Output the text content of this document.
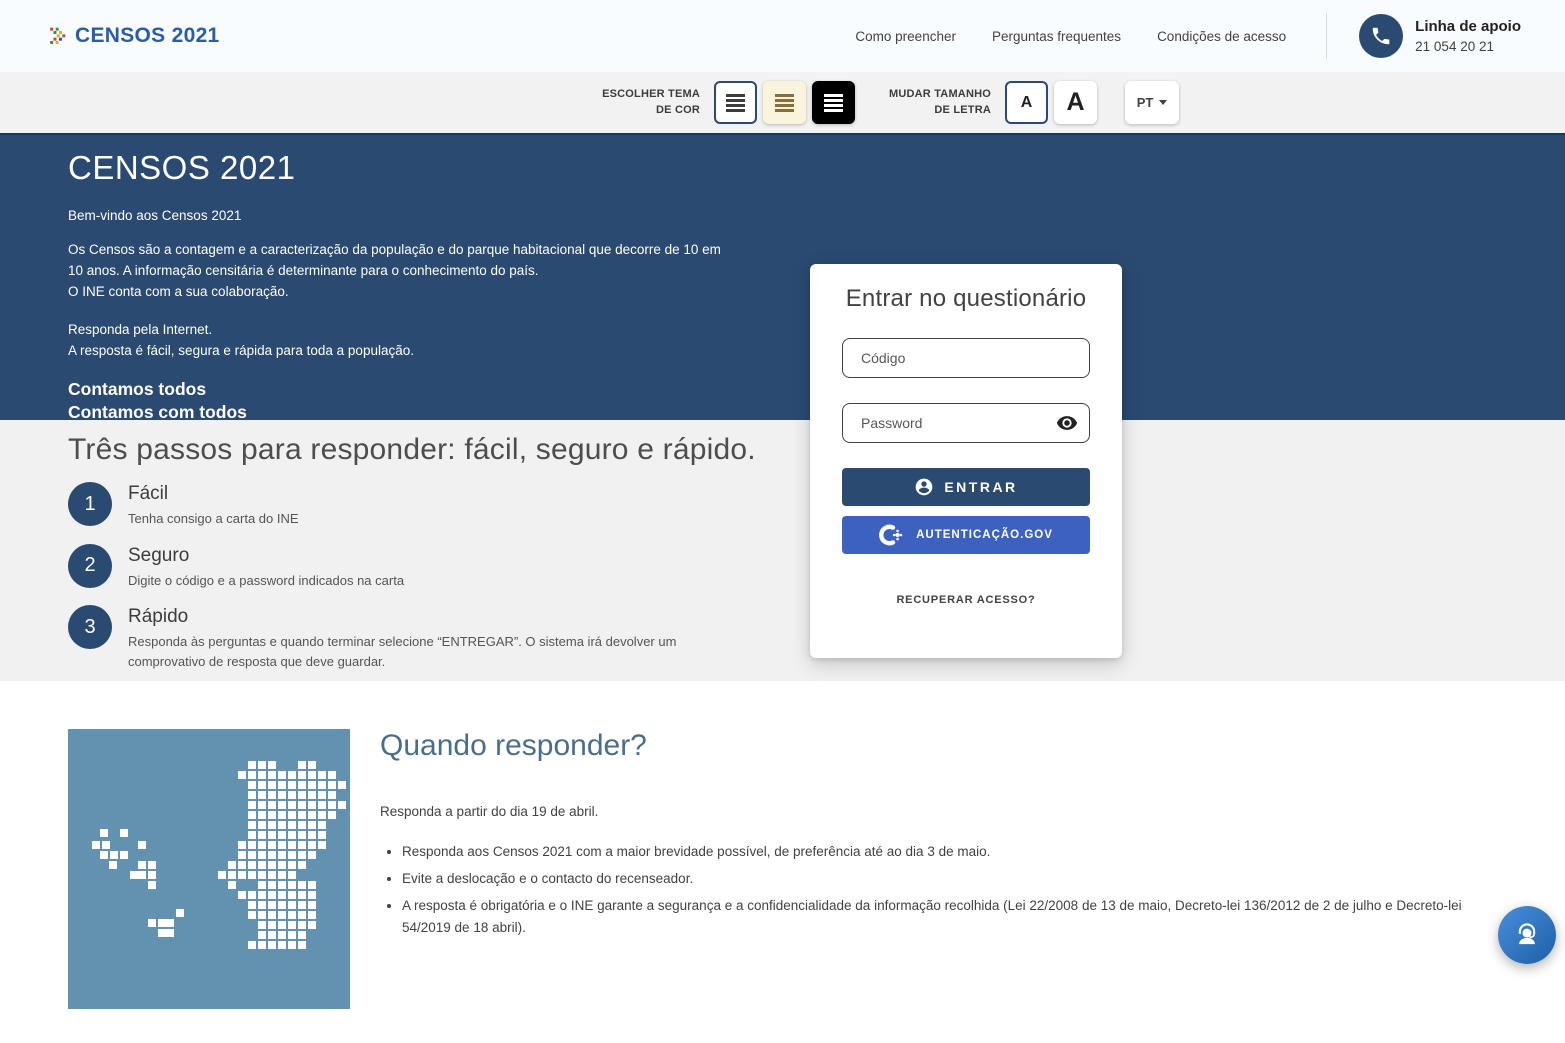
CENSOS 2021	Como preencher	Perguntas frequentes	Condições de acesso
Linha de apoio
21 054 20 21
ESCOLHER TEMA
DE COR
MUDAR TAMANHO
DE LETRA A A	PT
CENSOS 2021
Bem-vindo aos Censos 2021
Os Censos são a contagem e a caracterização da população e do parque habitacional que decorre de 10 em 10 anos. A informação censitária é determinante para o conhecimento do país.
O INE conta com a sua colaboração.
Responda pela Internet.
A resposta é fácil, segura e rápida para toda a população.
Contamos todos
Contamos com todos
Três passos para responder: fácil, seguro e rápido.
1	Fácil
Tenha consigo a carta do INE
2	Seguro
Digite o código e a password indicados na carta
3	Rápido
Responda às perguntas e quando terminar selecione “ENTREGAR”. O sistema irá devolver um comprovativo de resposta que deve guardar.
Quando responder?
Responda a partir do dia 19 de abril.
• Responda aos Censos 2021 com a maior brevidade possível, de preferência até ao dia 3 de maio.
• Evite a deslocação e o contacto do recenseador.
• A resposta é obrigatória e o INE garante a segurança e a confidencialidade da informação recolhida (Lei 22/2008 de 13 de maio, Decreto-lei 136/2012 de 2 de julho e Decreto-lei 54/2019 de 18 abril).
Entrar no questionário
Código
ENTRAR
AUTENTICAÇÃO.GOV
RECUPERAR ACESSO?
